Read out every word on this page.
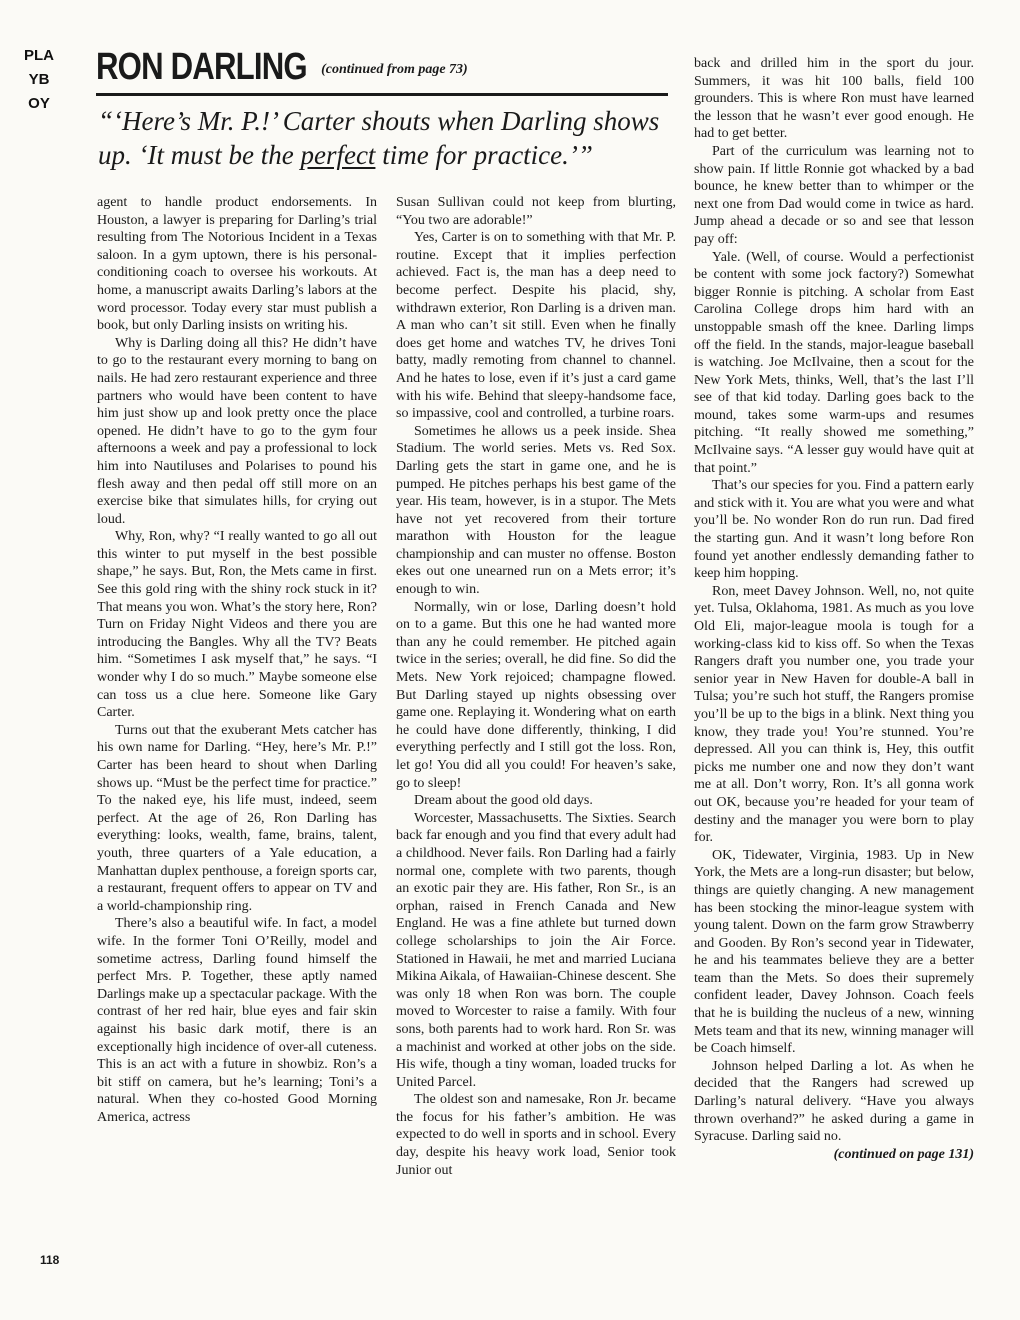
PLAYBOY
RON DARLING (continued from page 73)

“‘Here’s Mr. P.!’ Carter shouts when Darling shows up. ‘It must be the perfect time for practice.’”

agent to handle product endorsements. In Houston, a lawyer is preparing for Darling’s trial resulting from The Notorious Incident in a Texas saloon. In a gym uptown, there is his personal-conditioning coach to oversee his workouts. At home, a manuscript awaits Darling’s labors at the word processor. Today every star must publish a book, but only Darling insists on writing his.

Why is Darling doing all this? He didn’t have to go to the restaurant every morning to bang on nails. He had zero restaurant experience and three partners who would have been content to have him just show up and look pretty once the place opened. He didn’t have to go to the gym four afternoons a week and pay a professional to lock him into Nautiluses and Polarises to pound his flesh away and then pedal off still more on an exercise bike that simulates hills, for crying out loud.

Why, Ron, why? “I really wanted to go all out this winter to put myself in the best possible shape,” he says. But, Ron, the Mets came in first. See this gold ring with the shiny rock stuck in it? That means you won. What’s the story here, Ron? Turn on Friday Night Videos and there you are introducing the Bangles. Why all the TV? Beats him. “Sometimes I ask myself that,” he says. “I wonder why I do so much.” Maybe someone else can toss us a clue here. Someone like Gary Carter.

Turns out that the exuberant Mets catcher has his own name for Darling. “Hey, here’s Mr. P.!” Carter has been heard to shout when Darling shows up. “Must be the perfect time for practice.” To the naked eye, his life must, indeed, seem perfect. At the age of 26, Ron Darling has everything: looks, wealth, fame, brains, talent, youth, three quarters of a Yale education, a Manhattan duplex penthouse, a foreign sports car, a restaurant, frequent offers to appear on TV and a world-championship ring.

There’s also a beautiful wife. In fact, a model wife. In the former Toni O’Reilly, model and sometime actress, Darling found himself the perfect Mrs. P. Together, these aptly named Darlings make up a spectacular package. With the contrast of her red hair, blue eyes and fair skin against his basic dark motif, there is an exceptionally high incidence of over-all cuteness. This is an act with a future in showbiz. Ron’s a bit stiff on camera, but he’s learning; Toni’s a natural. When they co-hosted Good Morning America, actress

Susan Sullivan could not keep from blurting, “You two are adorable!”

Yes, Carter is on to something with that Mr. P. routine. Except that it implies perfection achieved. Fact is, the man has a deep need to become perfect. Despite his placid, shy, withdrawn exterior, Ron Darling is a driven man. A man who can’t sit still. Even when he finally does get home and watches TV, he drives Toni batty, madly remoting from channel to channel. And he hates to lose, even if it’s just a card game with his wife. Behind that sleepy-handsome face, so impassive, cool and controlled, a turbine roars.

Sometimes he allows us a peek inside. Shea Stadium. The world series. Mets vs. Red Sox. Darling gets the start in game one, and he is pumped. He pitches perhaps his best game of the year. His team, however, is in a stupor. The Mets have not yet recovered from their torture marathon with Houston for the league championship and can muster no offense. Boston ekes out one unearned run on a Mets error; it’s enough to win.

Normally, win or lose, Darling doesn’t hold on to a game. But this one he had wanted more than any he could remember. He pitched again twice in the series; overall, he did fine. So did the Mets. New York rejoiced; champagne flowed. But Darling stayed up nights obsessing over game one. Replaying it. Wondering what on earth he could have done differently, thinking, I did everything perfectly and I still got the loss. Ron, let go! You did all you could! For heaven’s sake, go to sleep!

Dream about the good old days.

Worcester, Massachusetts. The Sixties. Search back far enough and you find that every adult had a childhood. Never fails. Ron Darling had a fairly normal one, complete with two parents, though an exotic pair they are. His father, Ron Sr., is an orphan, raised in French Canada and New England. He was a fine athlete but turned down college scholarships to join the Air Force. Stationed in Hawaii, he met and married Luciana Mikina Aikala, of Hawaiian-Chinese descent. She was only 18 when Ron was born. The couple moved to Worcester to raise a family. With four sons, both parents had to work hard. Ron Sr. was a machinist and worked at other jobs on the side. His wife, though a tiny woman, loaded trucks for United Parcel.

The oldest son and namesake, Ron Jr. became the focus for his father’s ambition. He was expected to do well in sports and in school. Every day, despite his heavy work load, Senior took Junior out

back and drilled him in the sport du jour. Summers, it was hit 100 balls, field 100 grounders. This is where Ron must have learned the lesson that he wasn’t ever good enough. He had to get better.

Part of the curriculum was learning not to show pain. If little Ronnie got whacked by a bad bounce, he knew better than to whimper or the next one from Dad would come in twice as hard. Jump ahead a decade or so and see that lesson pay off:

Yale. (Well, of course. Would a perfectionist be content with some jock factory?) Somewhat bigger Ronnie is pitching. A scholar from East Carolina College drops him hard with an unstoppable smash off the knee. Darling limps off the field. In the stands, major-league baseball is watching. Joe McIlvaine, then a scout for the New York Mets, thinks, Well, that’s the last I’ll see of that kid today. Darling goes back to the mound, takes some warm-ups and resumes pitching. “It really showed me something,” McIlvaine says. “A lesser guy would have quit at that point.”

That’s our species for you. Find a pattern early and stick with it. You are what you were and what you’ll be. No wonder Ron do run run. Dad fired the starting gun. And it wasn’t long before Ron found yet another endlessly demanding father to keep him hopping.

Ron, meet Davey Johnson. Well, no, not quite yet. Tulsa, Oklahoma, 1981. As much as you love Old Eli, major-league moola is tough for a working-class kid to kiss off. So when the Texas Rangers draft you number one, you trade your senior year in New Haven for double-A ball in Tulsa; you’re such hot stuff, the Rangers promise you’ll be up to the bigs in a blink. Next thing you know, they trade you! You’re stunned. You’re depressed. All you can think is, Hey, this outfit picks me number one and now they don’t want me at all. Don’t worry, Ron. It’s all gonna work out OK, because you’re headed for your team of destiny and the manager you were born to play for.

OK, Tidewater, Virginia, 1983. Up in New York, the Mets are a long-run disaster; but below, things are quietly changing. A new management has been stocking the minor-league system with young talent. Down on the farm grow Strawberry and Gooden. By Ron’s second year in Tidewater, he and his teammates believe they are a better team than the Mets. So does their supremely confident leader, Davey Johnson. Coach feels that he is building the nucleus of a new, winning Mets team and that its new, winning manager will be Coach himself.

Johnson helped Darling a lot. As when he decided that the Rangers had screwed up Darling’s natural delivery. “Have you always thrown overhand?” he asked during a game in Syracuse. Darling said no.

(continued on page 131)

118
